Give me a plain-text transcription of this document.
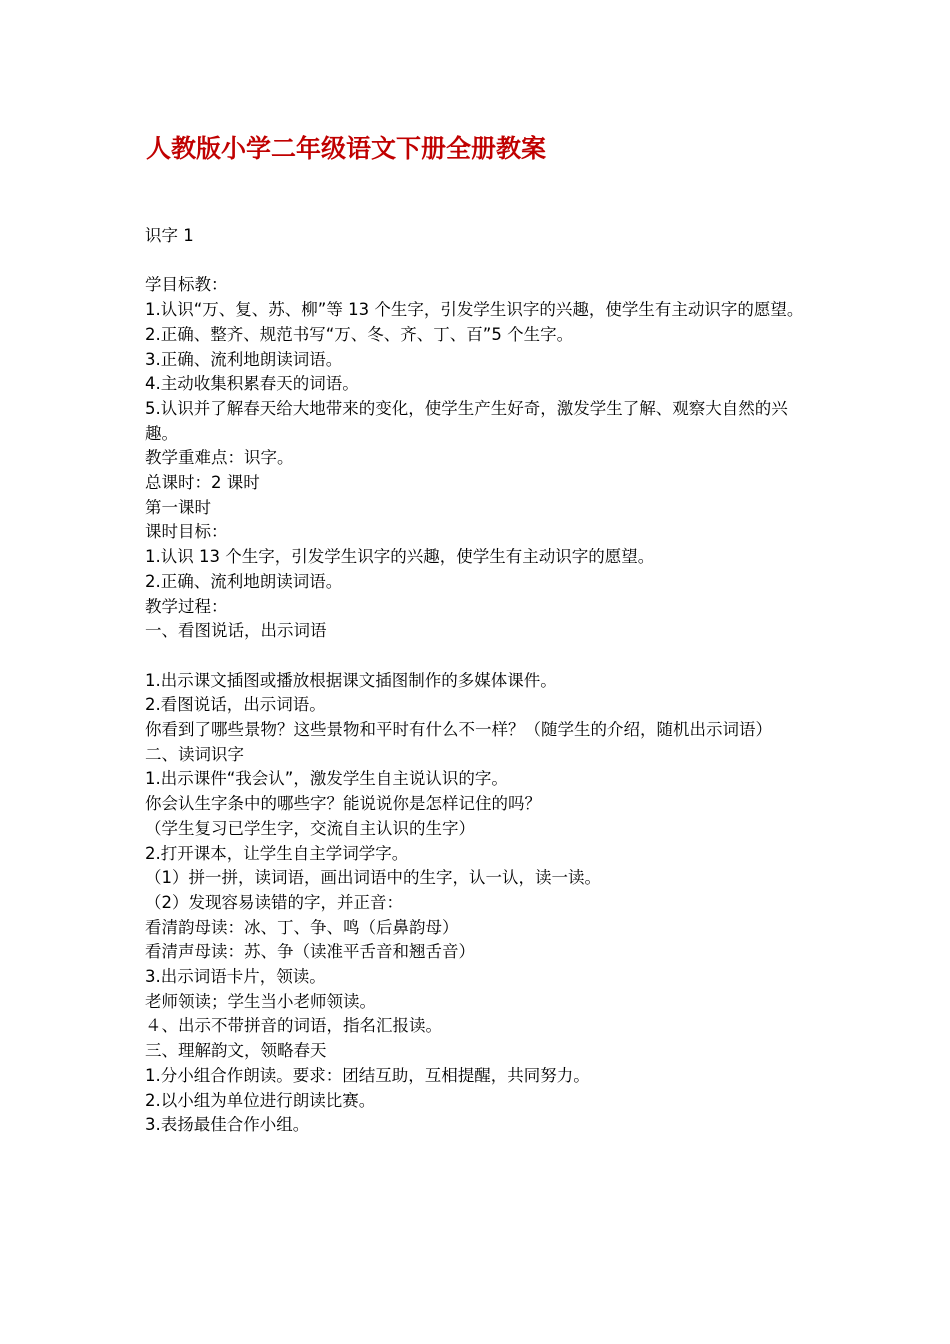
人教版小学二年级语文下册全册教案

识字 1

学目标教：

1.认识“万、复、苏、柳”等 13 个生字，引发学生识字的兴趣，使学生有主动识字的愿望。

2.正确、整齐、规范书写“万、冬、齐、丁、百”5 个生字。

3.正确、流利地朗读词语。

4.主动收集积累春天的词语。

5.认识并了解春天给大地带来的变化，使学生产生好奇，激发学生了解、观察大自然的兴趣。

教学重难点：识字。

总课时：2 课时

第一课时

课时目标：

1.认识 13 个生字，引发学生识字的兴趣，使学生有主动识字的愿望。

2.正确、流利地朗读词语。

教学过程：

一、看图说话，出示词语

1.出示课文插图或播放根据课文插图制作的多媒体课件。

2.看图说话，出示词语。

你看到了哪些景物？这些景物和平时有什么不一样？（随学生的介绍，随机出示词语）

二、读词识字

1.出示课件“我会认”，激发学生自主说认识的字。

你会认生字条中的哪些字？能说说你是怎样记住的吗？

（学生复习已学生字，交流自主认识的生字）

2.打开课本，让学生自主学词学字。

（1）拼一拼，读词语，画出词语中的生字，认一认，读一读。

（2）发现容易读错的字，并正音：

看清韵母读：冰、丁、争、鸣（后鼻韵母）

看清声母读：苏、争（读准平舌音和翘舌音）

3.出示词语卡片，领读。

老师领读；学生当小老师领读。

４、出示不带拼音的词语，指名汇报读。

三、理解韵文，领略春天

1.分小组合作朗读。要求：团结互助，互相提醒，共同努力。

2.以小组为单位进行朗读比赛。

3.表扬最佳合作小组。
